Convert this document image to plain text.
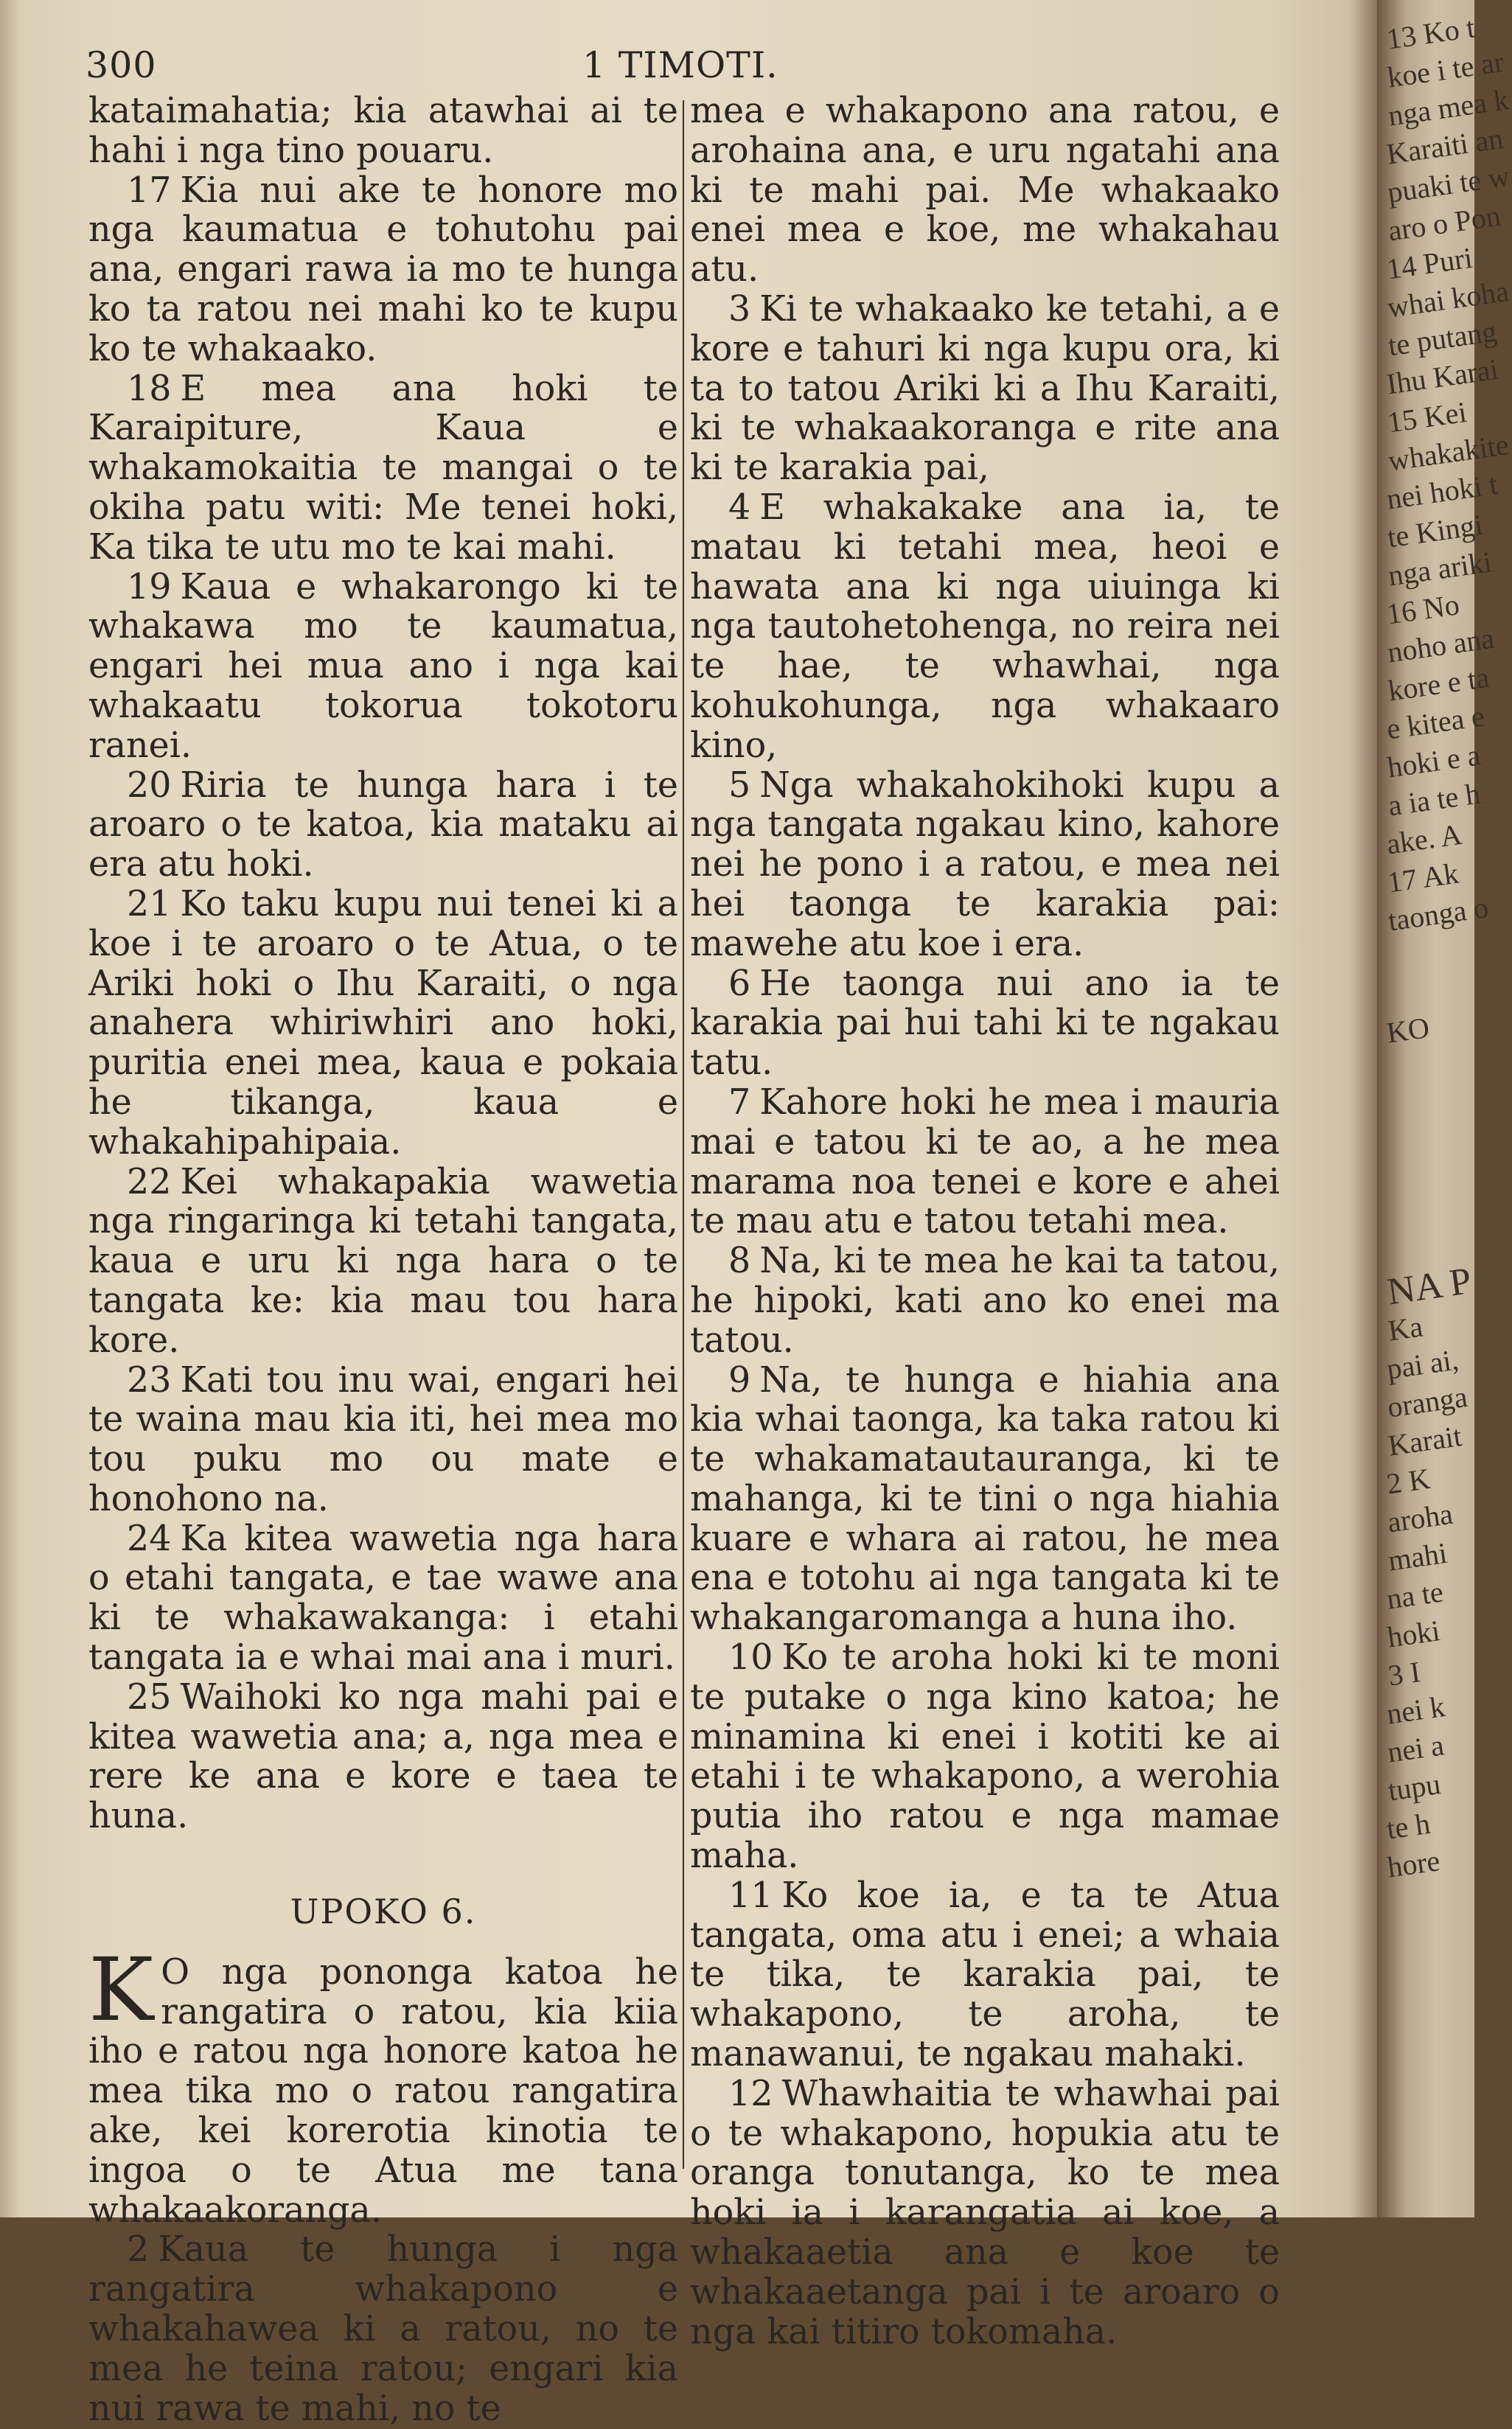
300	1 TIMOTI.

kataimahatia; kia atawhai ai te hahi i nga tino pouaru.

17 Kia nui ake te honore mo nga kaumatua e tohutohu pai ana, engari rawa ia mo te hunga ko ta ratou nei mahi ko te kupu ko te whakaako.

18 E mea ana hoki te Karaipiture, Kaua e whakamokaitia te mangai o te okiha patu witi: Me tenei hoki, Ka tika te utu mo te kai mahi.

19 Kaua e whakarongo ki te whakawa mo te kaumatua, engari hei mua ano i nga kai whakaatu tokorua tokotoru ranei.

20 Riria te hunga hara i te aroaro o te katoa, kia mataku ai era atu hoki.

21 Ko taku kupu nui tenei ki a koe i te aroaro o te Atua, o te Ariki hoki o Ihu Karaiti, o nga anahera whiriwhiri ano hoki, puritia enei mea, kaua e pokaia he tikanga, kaua e whakahipahipaia.

22 Kei whakapakia wawetia nga ringaringa ki tetahi tangata, kaua e uru ki nga hara o te tangata ke: kia mau tou hara kore.

23 Kati tou inu wai, engari hei te waina mau kia iti, hei mea mo tou puku mo ou mate e honohono na.

24 Ka kitea wawetia nga hara o etahi tangata, e tae wawe ana ki te whakawakanga: i etahi tangata ia e whai mai ana i muri.

25 Waihoki ko nga mahi pai e kitea wawetia ana; a, nga mea e rere ke ana e kore e taea te huna.

UPOKO 6.

K O nga pononga katoa he rangatira o ratou, kia kiia iho e ratou nga honore katoa he mea tika mo o ratou rangatira ake, kei korerotia kinotia te ingoa o te Atua me tana whakaakoranga.

2 Kaua te hunga i nga rangatira whakapono e whakahawea ki a ratou, no te mea he teina ratou; engari kia nui rawa te mahi, no te

mea e whakapono ana ratou, e arohaina ana, e uru ngatahi ana ki te mahi pai. Me whakaako enei mea e koe, me whakahau atu.

3 Ki te whakaako ke tetahi, a e kore e tahuri ki nga kupu ora, ki ta to tatou Ariki ki a Ihu Karaiti, ki te whakaakoranga e rite ana ki te karakia pai,

4 E whakakake ana ia, te matau ki tetahi mea, heoi e hawata ana ki nga uiuinga ki nga tautohetohenga, no reira nei te hae, te whawhai, nga kohukohunga, nga whakaaro kino,

5 Nga whakahokihoki kupu a nga tangata ngakau kino, kahore nei he pono i a ratou, e mea nei hei taonga te karakia pai: mawehe atu koe i era.

6 He taonga nui ano ia te karakia pai hui tahi ki te ngakau tatu.

7 Kahore hoki he mea i mauria mai e tatou ki te ao, a he mea marama noa tenei e kore e ahei te mau atu e tatou tetahi mea.

8 Na, ki te mea he kai ta tatou, he hipoki, kati ano ko enei ma tatou.

9 Na, te hunga e hiahia ana kia whai taonga, ka taka ratou ki te whakamatautauranga, ki te mahanga, ki te tini o nga hiahia kuare e whara ai ratou, he mea ena e totohu ai nga tangata ki te whakangaromanga a huna iho.

10 Ko te aroha hoki ki te moni te putake o nga kino katoa; he minamina ki enei i kotiti ke ai etahi i te whakapono, a werohia putia iho ratou e nga mamae maha.

11 Ko koe ia, e ta te Atua tangata, oma atu i enei; a whaia te tika, te karakia pai, te whakapono, te aroha, te manawanui, te ngakau mahaki.

12 Whawhaitia te whawhai pai o te whakapono, hopukia atu te oranga tonutanga, ko te mea hoki ia i karangatia ai koe, a whakaaetia ana e koe te whakaaetanga pai i te aroaro o nga kai titiro tokomaha.

13 Ko t
koe i te ar
nga mea k
Karaiti an
puaki te w
aro o Pon
14 Puri
whai koha
te putang
Ihu Karai
15 Kei
whakakite
nei hoki t
te Kingi
nga ariki
16 No
noho ana
kore e ta
e kitea e
hoki e a
a ia te h
ake. A
17 Ak
taonga o
KO
NA P
Ka
pai ai,
oranga
Karait
2 K
aroha
mahi
na te
hoki
3 I
nei k
nei a
tupu
te h
hore
